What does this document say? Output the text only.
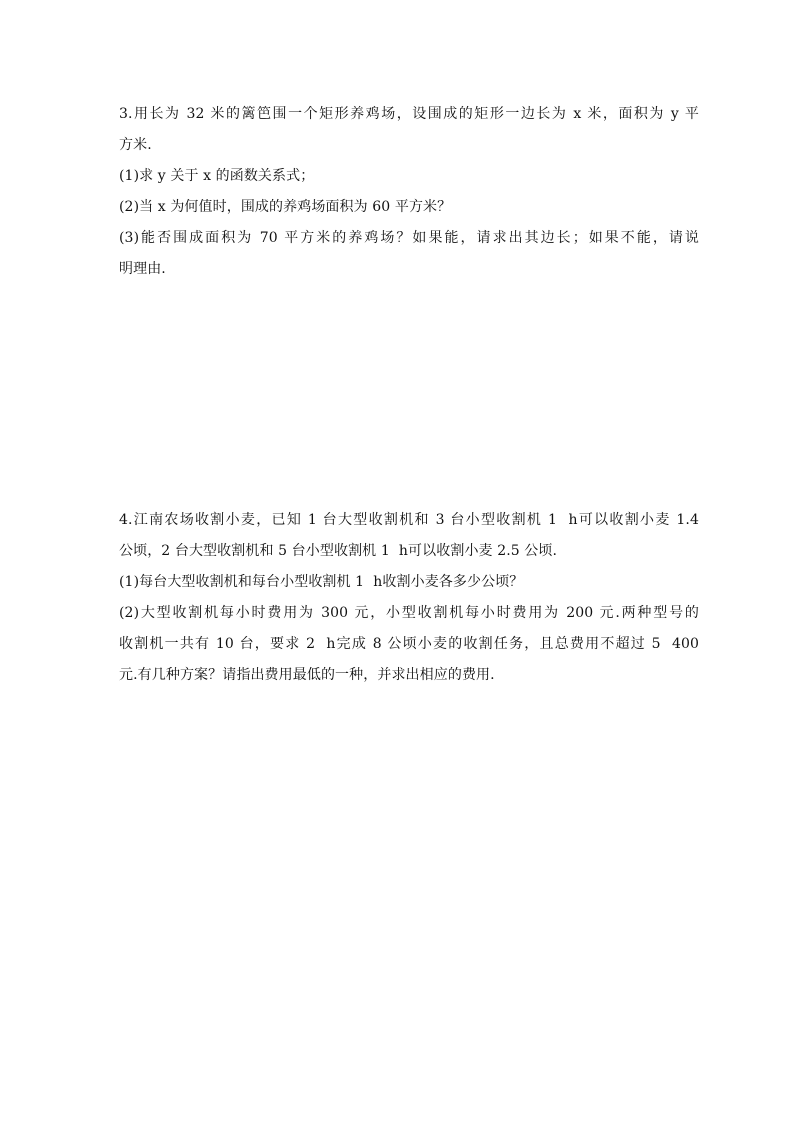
3.用长为 32 米的篱笆围一个矩形养鸡场，设围成的矩形一边长为 x 米，面积为 y 平
方米.
(1)求 y 关于 x 的函数关系式；
(2)当 x 为何值时，围成的养鸡场面积为 60 平方米？
(3)能否围成面积为 70 平方米的养鸡场？如果能，请求出其边长；如果不能，请说
明理由.
4.江南农场收割小麦，已知 1 台大型收割机和 3 台小型收割机 1  h可以收割小麦 1.4
公顷，2 台大型收割机和 5 台小型收割机 1  h可以收割小麦 2.5 公顷.
(1)每台大型收割机和每台小型收割机 1  h收割小麦各多少公顷？
(2)大型收割机每小时费用为 300 元，小型收割机每小时费用为 200 元.两种型号的
收割机一共有 10 台，要求 2  h完成 8 公顷小麦的收割任务，且总费用不超过 5  400
元.有几种方案？请指出费用最低的一种，并求出相应的费用.
